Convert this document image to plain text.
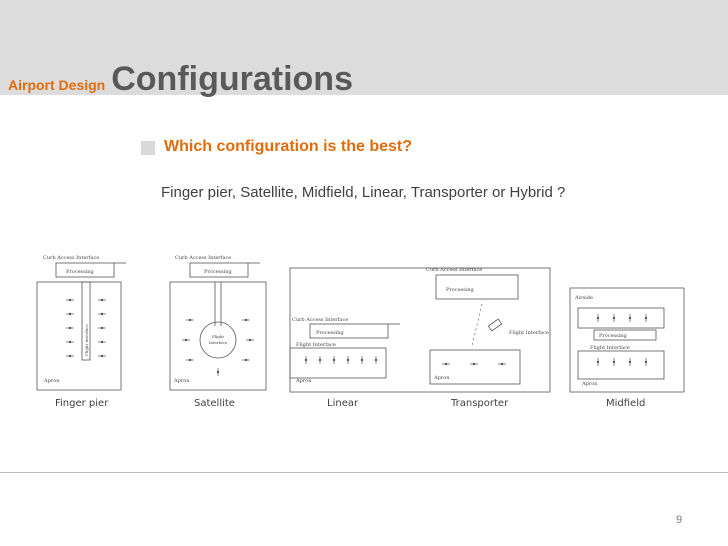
Airport Design Configurations
Which configuration is the best?
Finger pier, Satellite, Midfield, Linear, Transporter or Hybrid ?
Curb Access Interface
Processing
Flight Interface
Apron
Curb Access Interface
Processing
Flight
Interface
Apron
Curb Access Interface
Processing
Flight Interface
Apron
Curb Access Interface
Processing
Flight Interface
Apron
Airside
Processing
Flight Interface
Apron
Finger pier	Satellite	Linear	Transporter	Midfield
9
